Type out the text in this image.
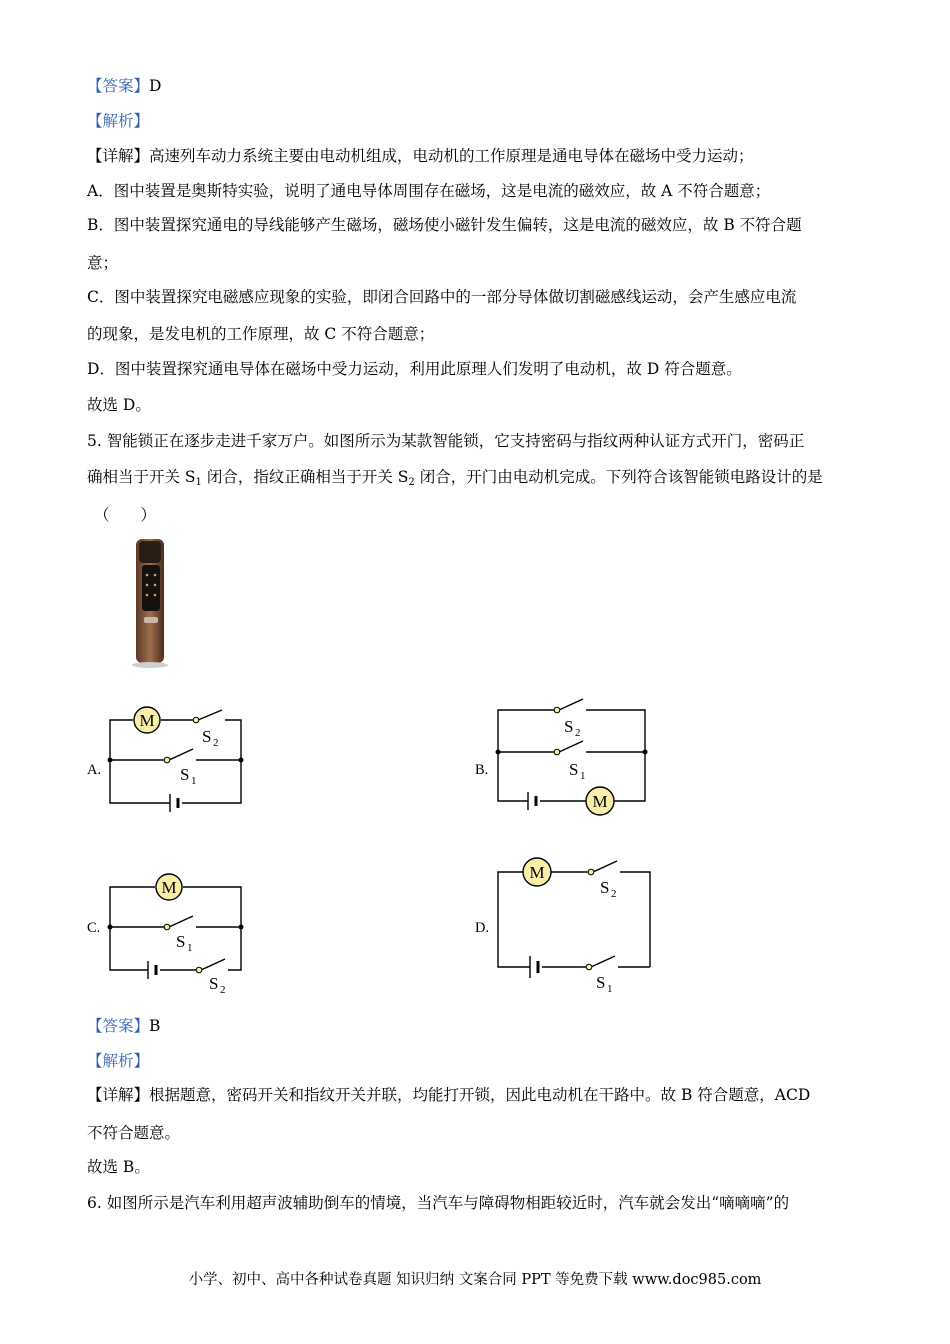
【答案】D
【解析】
【详解】高速列车动力系统主要由电动机组成，电动机的工作原理是通电导体在磁场中受力运动；
A．图中装置是奥斯特实验，说明了通电导体周围存在磁场，这是电流的磁效应，故 A 不符合题意；
B．图中装置探究通电的导线能够产生磁场，磁场使小磁针发生偏转，这是电流的磁效应，故 B 不符合题
意；
C．图中装置探究电磁感应现象的实验，即闭合回路中的一部分导体做切割磁感线运动，会产生感应电流
的现象，是发电机的工作原理，故 C 不符合题意；
D．图中装置探究通电导体在磁场中受力运动，利用此原理人们发明了电动机，故 D 符合题意。
故选 D。
5. 智能锁正在逐步走进千家万户。如图所示为某款智能锁，它支持密码与指纹两种认证方式开门，密码正
确相当于开关 $S_1$ 闭合，指纹正确相当于开关 $S_2$ 闭合，开门由电动机完成。下列符合该智能锁电路设计的是
（　　）
A.	B.
C.	D.
M
S 2
S 1
M
S 2
S 1
M
S 1
S 2
M
S 2
S 1
【答案】B
【解析】
【详解】根据题意，密码开关和指纹开关并联，均能打开锁，因此电动机在干路中。故 B 符合题意，ACD
不符合题意。
故选 B。
6. 如图所示是汽车利用超声波辅助倒车的情境，当汽车与障碍物相距较近时，汽车就会发出“嘀嘀嘀”的
小学、初中、高中各种试卷真题 知识归纳 文案合同 PPT 等免费下载 www.doc985.com
